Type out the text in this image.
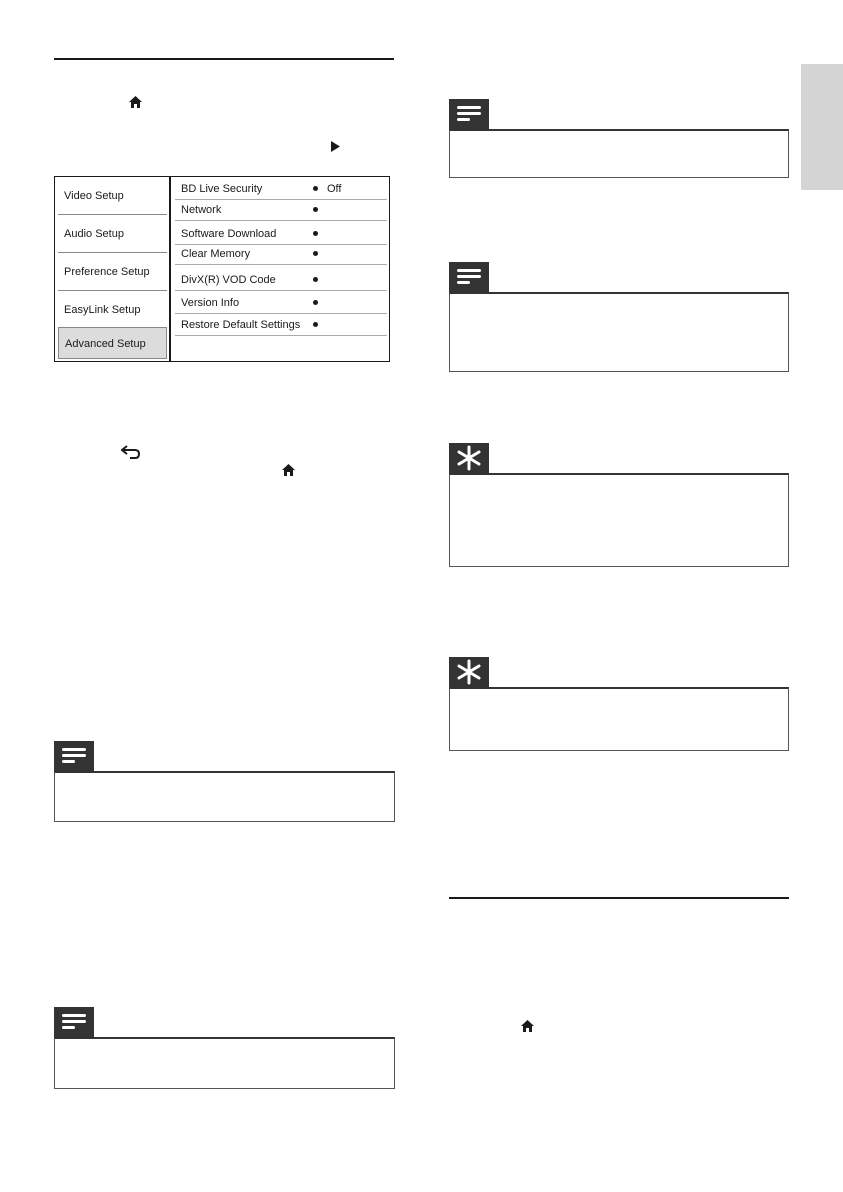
Video Setup
Audio Setup
Preference Setup
EasyLink Setup
Advanced Setup
BD Live Security	Off
Network
Software Download
Clear Memory
DivX(R) VOD Code
Version Info
Restore Default Settings
